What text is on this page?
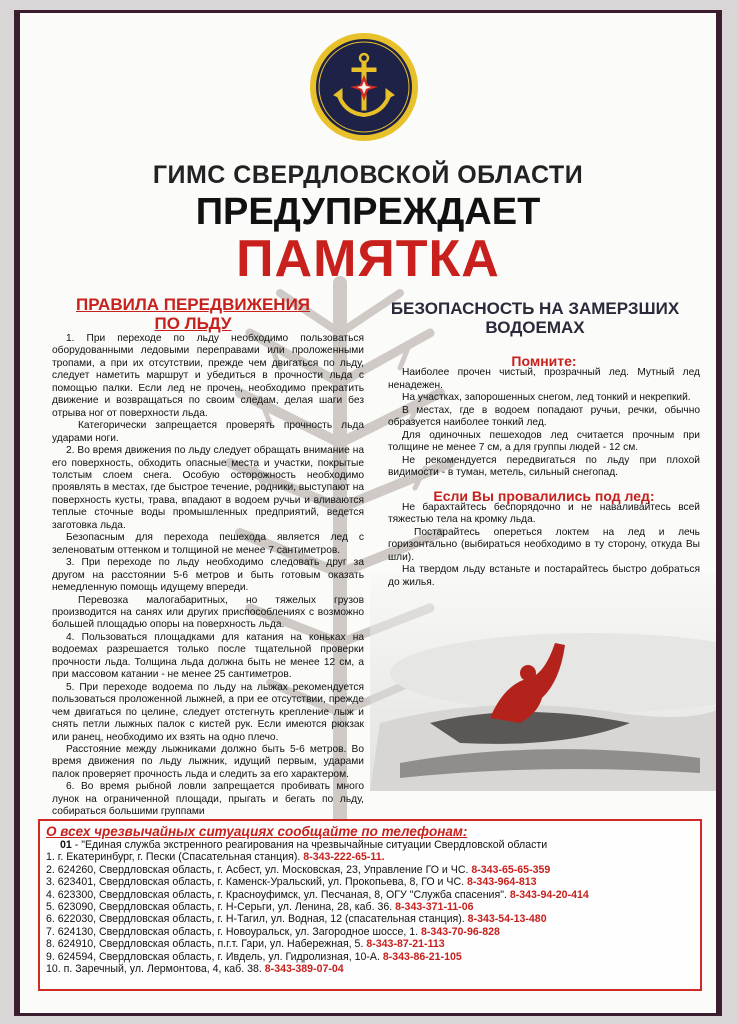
ГИМС СВЕРДЛОВСКОЙ ОБЛАСТИ
ПРЕДУПРЕЖДАЕТ
ПАМЯТКА
ПРАВИЛА ПЕРЕДВИЖЕНИЯ
ПО ЛЬДУ

1. При переходе по льду необходимо пользоваться оборудованными ледовыми переправами или проложенными тропами, а при их отсутствии, прежде чем двигаться по льду, следует наметить маршрут и убедиться в прочности льда с помощью палки. Если лед не прочен, необходимо прекратить движение и возвращаться по своим следам, делая шаги без отрыва ног от поверхности льда.

Категорически запрещается проверять прочность льда ударами ноги.

2. Во время движения по льду следует обращать внимание на его поверхность, обходить опасные места и участки, покрытые толстым слоем снега. Особую осторожность необходимо проявлять в местах, где быстрое течение, родники, выступают на поверхность кусты, трава, впадают в водоем ручьи и вливаются теплые сточные воды промышленных предприятий, ведется заготовка льда.

Безопасным для перехода пешехода является лед с зеленоватым оттенком и толщиной не менее 7 сантиметров.

3. При переходе по льду необходимо следовать друг за другом на расстоянии 5-6 метров и быть готовым оказать немедленную помощь идущему впереди.

Перевозка малогабаритных, но тяжелых грузов производится на санях или других приспособлениях с возможно большей площадью опоры на поверхность льда.

4. Пользоваться площадками для катания на коньках на водоемах разрешается только после тщательной проверки прочности льда. Толщина льда должна быть не менее 12 см, а при массовом катании - не менее 25 сантиметров.

5. При переходе водоема по льду на лыжах рекомендуется пользоваться проложенной лыжней, а при ее отсутствии, прежде чем двигаться по целине, следует отстегнуть крепление лыж и снять петли лыжных палок с кистей рук. Если имеются рюкзак или ранец, необходимо их взять на одно плечо.

Расстояние между лыжниками должно быть 5-6 метров. Во время движения по льду лыжник, идущий первым, ударами палок проверяет прочность льда и следить за его характером.

6. Во время рыбной ловли запрещается пробивать много лунок на ограниченной площади, прыгать и бегать по льду, собираться большими группами

БЕЗОПАСНОСТЬ НА ЗАМЕРЗШИХ
ВОДОЕМАХ

Помните:

Наиболее прочен чистый, прозрачный лед. Мутный лед ненадежен.

На участках, запорошенных снегом, лед тонкий и некрепкий.

В местах, где в водоем попадают ручьи, речки, обычно образуется наиболее тонкий лед.

Для одиночных пешеходов лед считается прочным при толщине не менее 7 см, а для группы людей - 12 см.

Не рекомендуется передвигаться по льду при плохой видимости - в туман, метель, сильный снегопад.

Если Вы провалились под лед:

Не барахтайтесь беспорядочно и не наваливайтесь всей тяжестью тела на кромку льда.

Постарайтесь опереться локтем на лед и лечь горизонтально (выбираться необходимо в ту сторону, откуда Вы шли).

На твердом льду встаньте и постарайтесь быстро добраться до жилья.

О всех чрезвычайных ситуациях сообщайте по телефонам:

01 - "Единая служба экстренного реагирования на чрезвычайные ситуации Свердловской области

1. г. Екатеринбург, г. Пески (Спасательная станция). 8-343-222-65-11.

2. 624260, Свердловская область, г. Асбест, ул. Московская, 23, Управление ГО и ЧС. 8-343-65-65-359

3. 623401, Свердловская область, г. Каменск-Уральский, ул. Прокопьева, 8, ГО и ЧС. 8-343-964-813

4. 623300, Свердловская область, г. Красноуфимск, ул. Песчаная, 8, ОГУ "Служба спасения". 8-343-94-20-414

5. 623090, Свердловская область, г. Н-Серьги, ул. Ленина, 28, каб. 36. 8-343-371-11-06

6. 622030, Свердловская область, г. Н-Тагил, ул. Водная, 12 (спасательная станция). 8-343-54-13-480

7. 624130, Свердловская область, г. Новоуральск, ул. Загородное шоссе, 1. 8-343-70-96-828

8. 624910, Свердловская область, п.г.т. Гари, ул. Набережная, 5. 8-343-87-21-113

9. 624594, Свердловская область, г. Ивдель, ул. Гидролизная, 10-А. 8-343-86-21-105

10. п. Заречный, ул. Лермонтова, 4, каб. 38. 8-343-389-07-04
